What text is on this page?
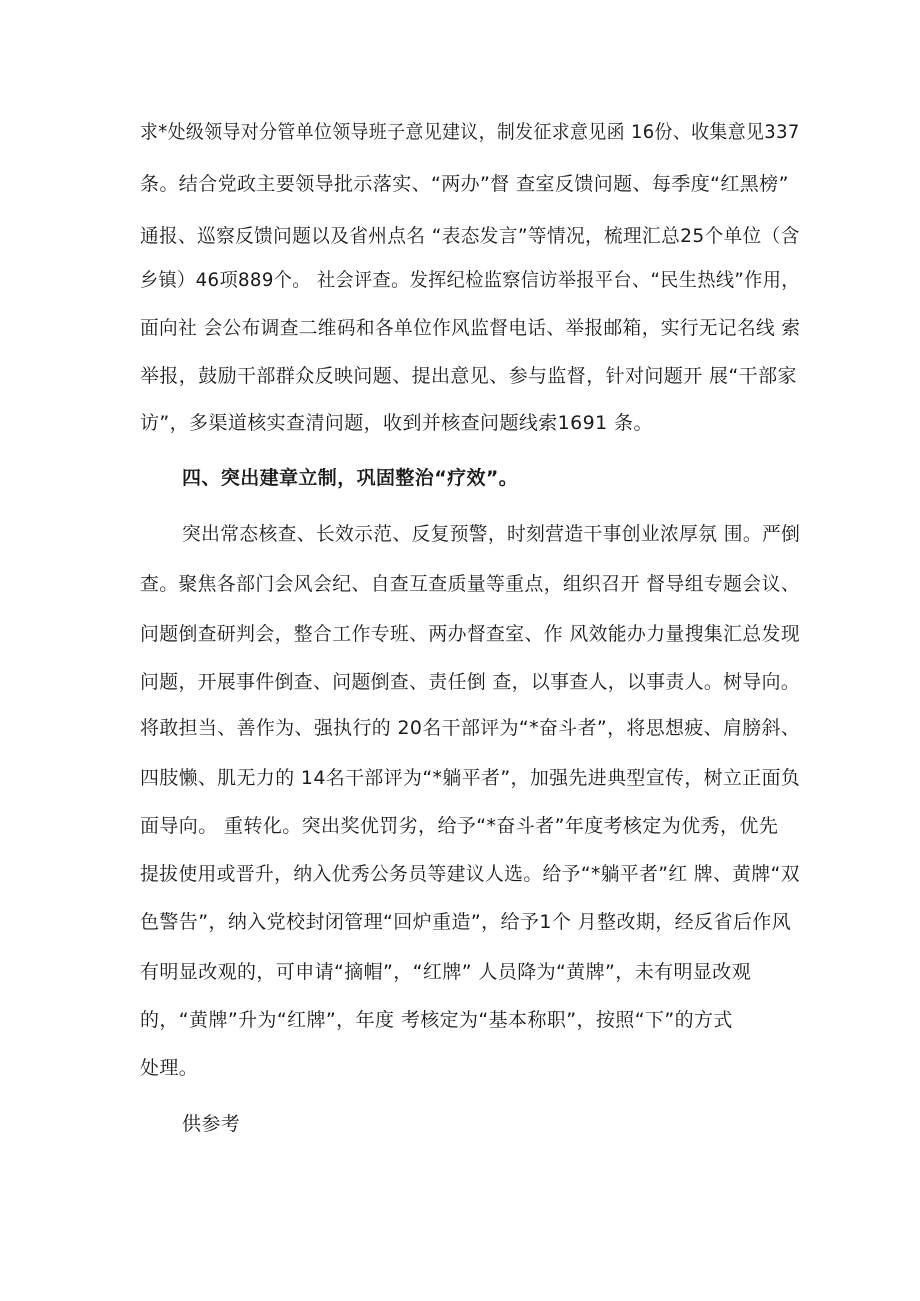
求*处级领导对分管单位领导班子意见建议，制发征求意见函 16份、收集意见337
条。结合党政主要领导批示落实、“两办”督 查室反馈问题、每季度“红黑榜”
通报、巡察反馈问题以及省州点名 “表态发言”等情况，梳理汇总25个单位（含
乡镇）46项889个。 社会评查。发挥纪检监察信访举报平台、“民生热线”作用，
面向社 会公布调查二维码和各单位作风监督电话、举报邮箱，实行无记名线 索
举报，鼓励干部群众反映问题、提出意见、参与监督，针对问题开 展“干部家
访”，多渠道核实查清问题，收到并核查问题线索1691 条。
四、突出建章立制，巩固整治“疗效”。
突出常态核查、长效示范、反复预警，时刻营造干事创业浓厚氛 围。严倒
查。聚焦各部门会风会纪、自查互查质量等重点，组织召开 督导组专题会议、
问题倒查研判会，整合工作专班、两办督查室、作 风效能办力量搜集汇总发现
问题，开展事件倒查、问题倒查、责任倒 查，以事查人，以事责人。树导向。
将敢担当、善作为、强执行的 20名干部评为“*奋斗者”，将思想疲、肩膀斜、
四肢懒、肌无力的 14名干部评为“*躺平者”，加强先进典型宣传，树立正面负
面导向。 重转化。突出奖优罚劣，给予“*奋斗者”年度考核定为优秀，优先
提拔使用或晋升，纳入优秀公务员等建议人选。给予“*躺平者”红 牌、黄牌“双
色警告”，纳入党校封闭管理“回炉重造”，给予1个 月整改期，经反省后作风
有明显改观的，可申请“摘帽”，“红牌” 人员降为“黄牌”，未有明显改观
的，“黄牌”升为“红牌”，年度 考核定为“基本称职”，按照“下”的方式
处理。
供参考
